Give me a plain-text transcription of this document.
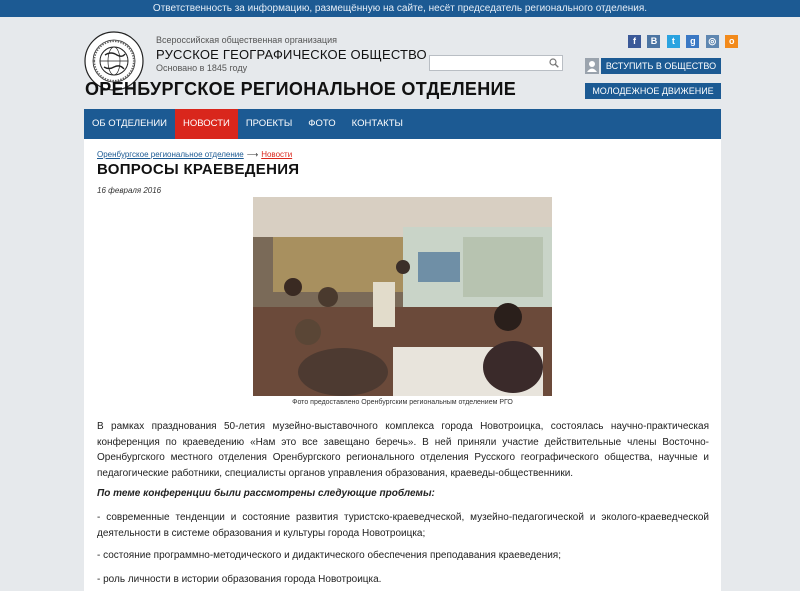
Ответственность за информацию, размещённую на сайте, несёт председатель регионального отделения.
Всероссийская общественная организация
РУССКОЕ ГЕОГРАФИЧЕСКОЕ ОБЩЕСТВО
Основано в 1845 году
ОРЕНБУРГСКОЕ РЕГИОНАЛЬНОЕ ОТДЕЛЕНИЕ
f В t g ◎ о
ВСТУПИТЬ В ОБЩЕСТВО
МОЛОДЕЖНОЕ ДВИЖЕНИЕ
ОБ ОТДЕЛЕНИИ	НОВОСТИ	ПРОЕКТЫ	ФОТО	КОНТАКТЫ
Оренбургское региональное отделение ⟶ Новости
ВОПРОСЫ КРАЕВЕДЕНИЯ
16 февраля 2016
Фото предоставлено Оренбургским региональным отделением РГО
В рамках празднования 50-летия музейно-выставочного комплекса города Новотроицка, состоялась научно-практическая конференция по краеведению «Нам это все завещано беречь». В ней приняли участие действительные члены Восточно-Оренбургского местного отделения Оренбургского регионального отделения Русского географического общества, научные и педагогические работники, специалисты органов управления образования, краеведы-общественники.
По теме конференции были рассмотрены следующие проблемы:
- современные тенденции и состояние развития туристско-краеведческой, музейно-педагогической и эколого-краеведческой деятельности в системе образования и культуры города Новотроицка;
- состояние программно-методического и дидактического обеспечения преподавания краеведения;
- роль личности в истории образования города Новотроицка.
